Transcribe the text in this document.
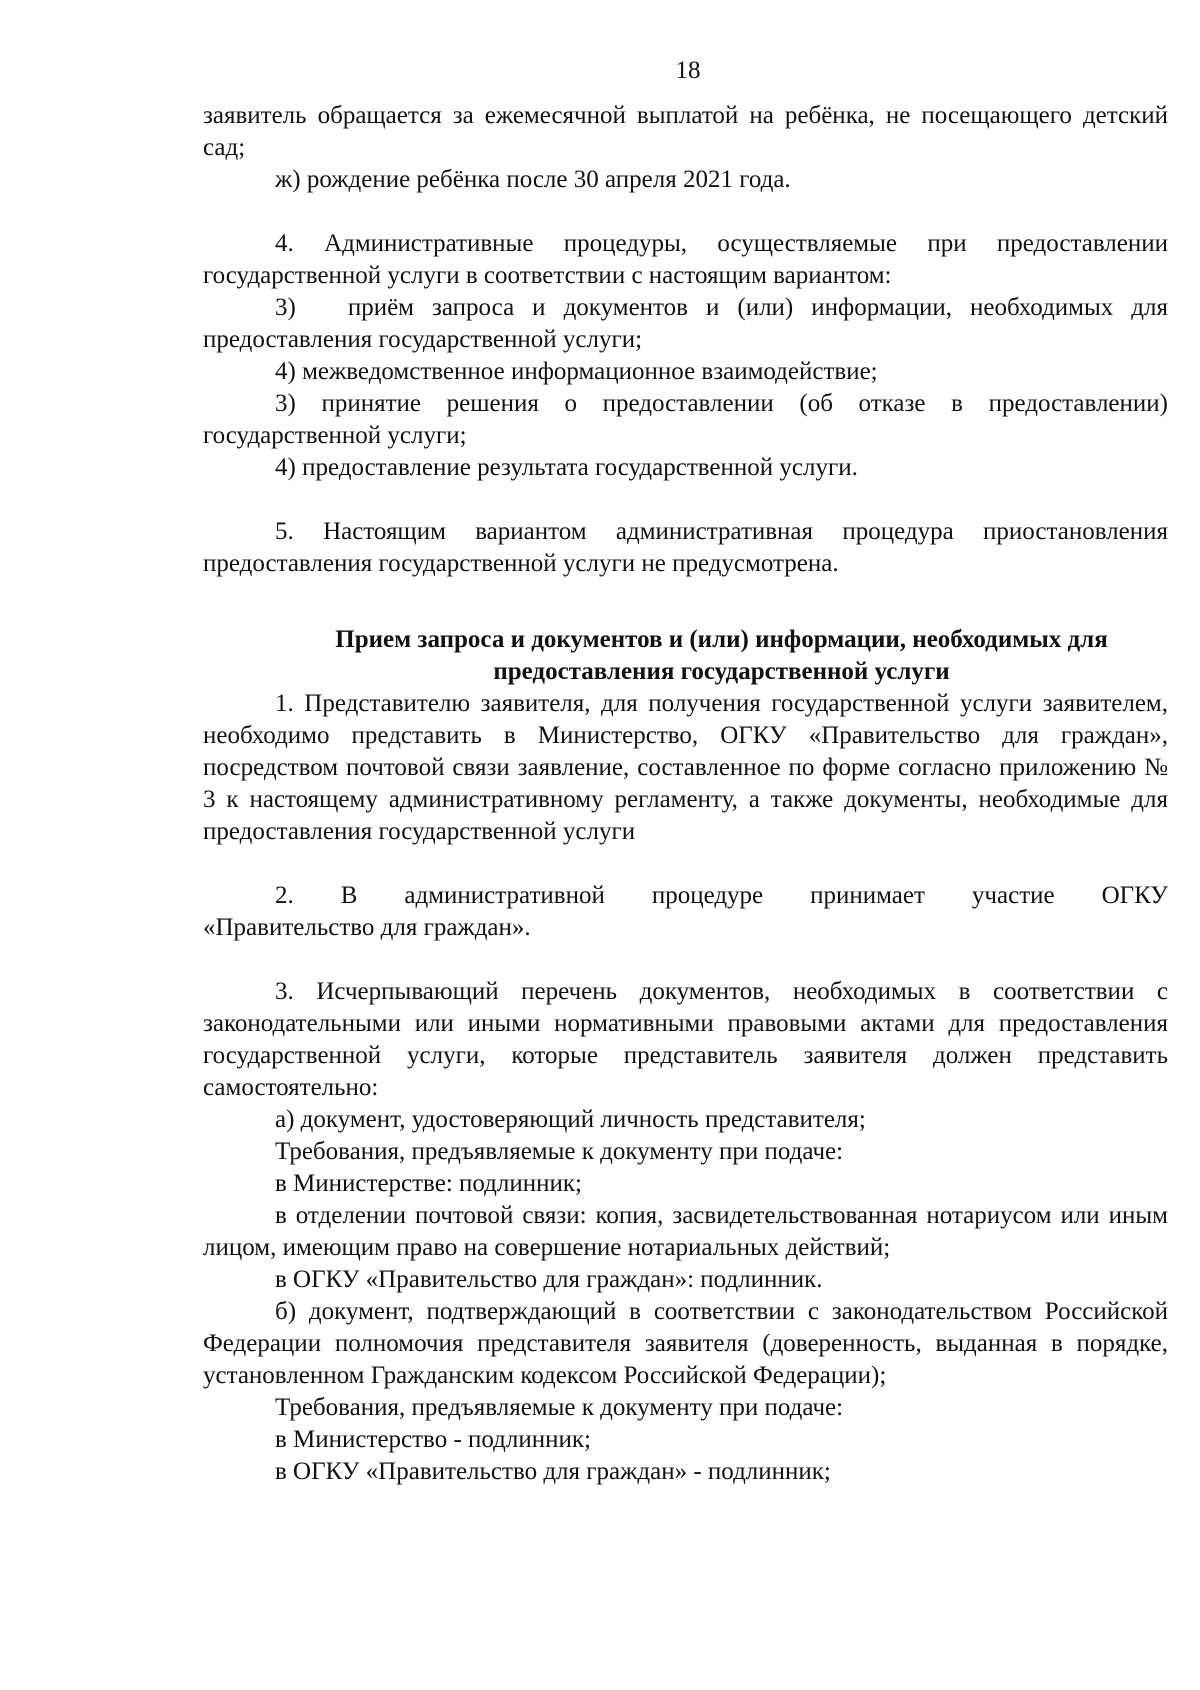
18

заявитель обращается за ежемесячной выплатой на ребёнка, не посещающего детский сад;

ж) рождение ребёнка после 30 апреля 2021 года.

4. Административные процедуры, осуществляемые при предоставлении государственной услуги в соответствии с настоящим вариантом:

3) приём запроса и документов и (или) информации, необходимых для предоставления государственной услуги;

4) межведомственное информационное взаимодействие;

3) принятие решения о предоставлении (об отказе в предоставлении) государственной услуги;

4) предоставление результата государственной услуги.

5. Настоящим вариантом административная процедура приостановления предоставления государственной услуги не предусмотрена.

Прием запроса и документов и (или) информации, необходимых для предоставления государственной услуги

1. Представителю заявителя, для получения государственной услуги заявителем, необходимо представить в Министерство, ОГКУ «Правительство для граждан», посредством почтовой связи заявление, составленное по форме согласно приложению № 3 к настоящему административному регламенту, а также документы, необходимые для предоставления государственной услуги

2. В административной процедуре принимает участие ОГКУ

«Правительство для граждан».

3. Исчерпывающий перечень документов, необходимых в соответствии с законодательными или иными нормативными правовыми актами для предоставления государственной услуги, которые представитель заявителя должен представить самостоятельно:

а) документ, удостоверяющий личность представителя;

Требования, предъявляемые к документу при подаче:

в Министерстве: подлинник;

в отделении почтовой связи: копия, засвидетельствованная нотариусом или иным лицом, имеющим право на совершение нотариальных действий;

в ОГКУ «Правительство для граждан»: подлинник.

б) документ, подтверждающий в соответствии с законодательством Российской Федерации полномочия представителя заявителя (доверенность, выданная в порядке, установленном Гражданским кодексом Российской Федерации);

Требования, предъявляемые к документу при подаче:

в Министерство - подлинник;

в ОГКУ «Правительство для граждан» - подлинник;
